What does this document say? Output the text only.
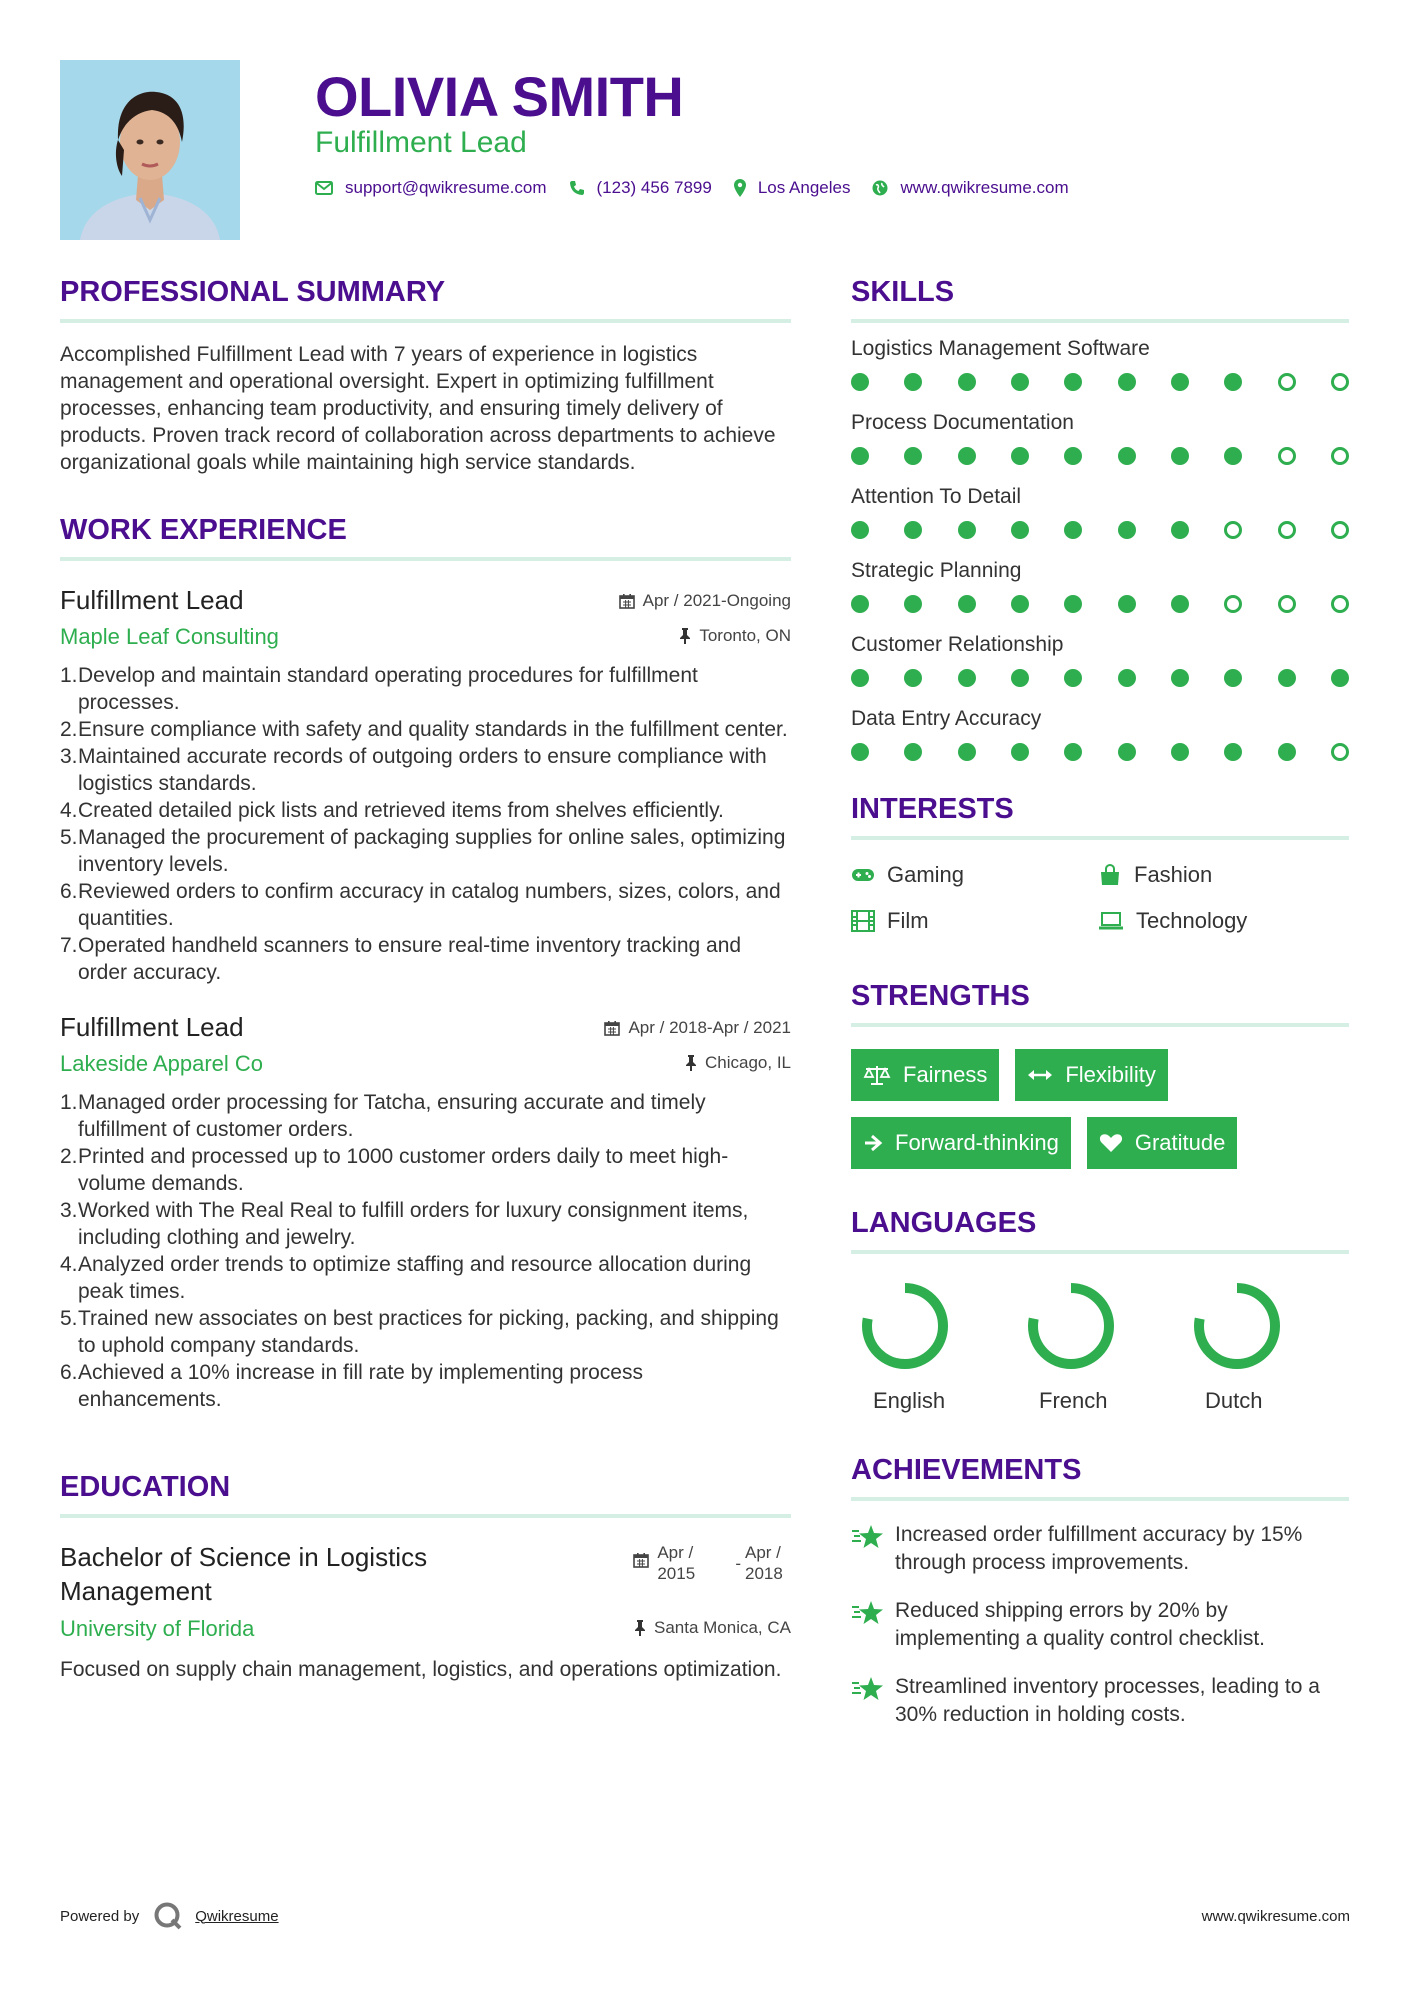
OLIVIA SMITH
Fulfillment Lead
support@qwikresume.com	(123) 456 7899	Los Angeles	www.qwikresume.com
PROFESSIONAL SUMMARY

Accomplished Fulfillment Lead with 7 years of experience in logistics management and operational oversight. Expert in optimizing fulfillment processes, enhancing team productivity, and ensuring timely delivery of products. Proven track record of collaboration across departments to achieve organizational goals while maintaining high service standards.

WORK EXPERIENCE
Fulfillment Lead	Apr / 2021-Ongoing
Maple Leaf Consulting	Toronto, ON
1. Develop and maintain standard operating procedures for fulfillment processes.
2. Ensure compliance with safety and quality standards in the fulfillment center.
3. Maintained accurate records of outgoing orders to ensure compliance with logistics standards.
4. Created detailed pick lists and retrieved items from shelves efficiently.
5. Managed the procurement of packaging supplies for online sales, optimizing inventory levels.
6. Reviewed orders to confirm accuracy in catalog numbers, sizes, colors, and quantities.
7. Operated handheld scanners to ensure real-time inventory tracking and order accuracy.
Fulfillment Lead	Apr / 2018-Apr / 2021
Lakeside Apparel Co	Chicago, IL
1. Managed order processing for Tatcha, ensuring accurate and timely fulfillment of customer orders.
2. Printed and processed up to 1000 customer orders daily to meet high-volume demands.
3. Worked with The Real Real to fulfill orders for luxury consignment items, including clothing and jewelry.
4. Analyzed order trends to optimize staffing and resource allocation during peak times.
5. Trained new associates on best practices for picking, packing, and shipping to uphold company standards.
6. Achieved a 10% increase in fill rate by implementing process enhancements.
EDUCATION
Bachelor of Science in Logistics Management
Apr / 2015
-
Apr / 2018
University of Florida	Santa Monica, CA

Focused on supply chain management, logistics, and operations optimization.

SKILLS
Logistics Management Software
Process Documentation
Attention To Detail
Strategic Planning
Customer Relationship
Data Entry Accuracy
INTERESTS
Gaming	Fashion
Film	Technology
STRENGTHS
Fairness	Flexibility
Forward-thinking	Gratitude
LANGUAGES
English	French	Dutch
ACHIEVEMENTS
Increased order fulfillment accuracy by 15% through process improvements.
Reduced shipping errors by 20% by implementing a quality control checklist.
Streamlined inventory processes, leading to a 30% reduction in holding costs.
Powered by	Qwikresume	www.qwikresume.com
